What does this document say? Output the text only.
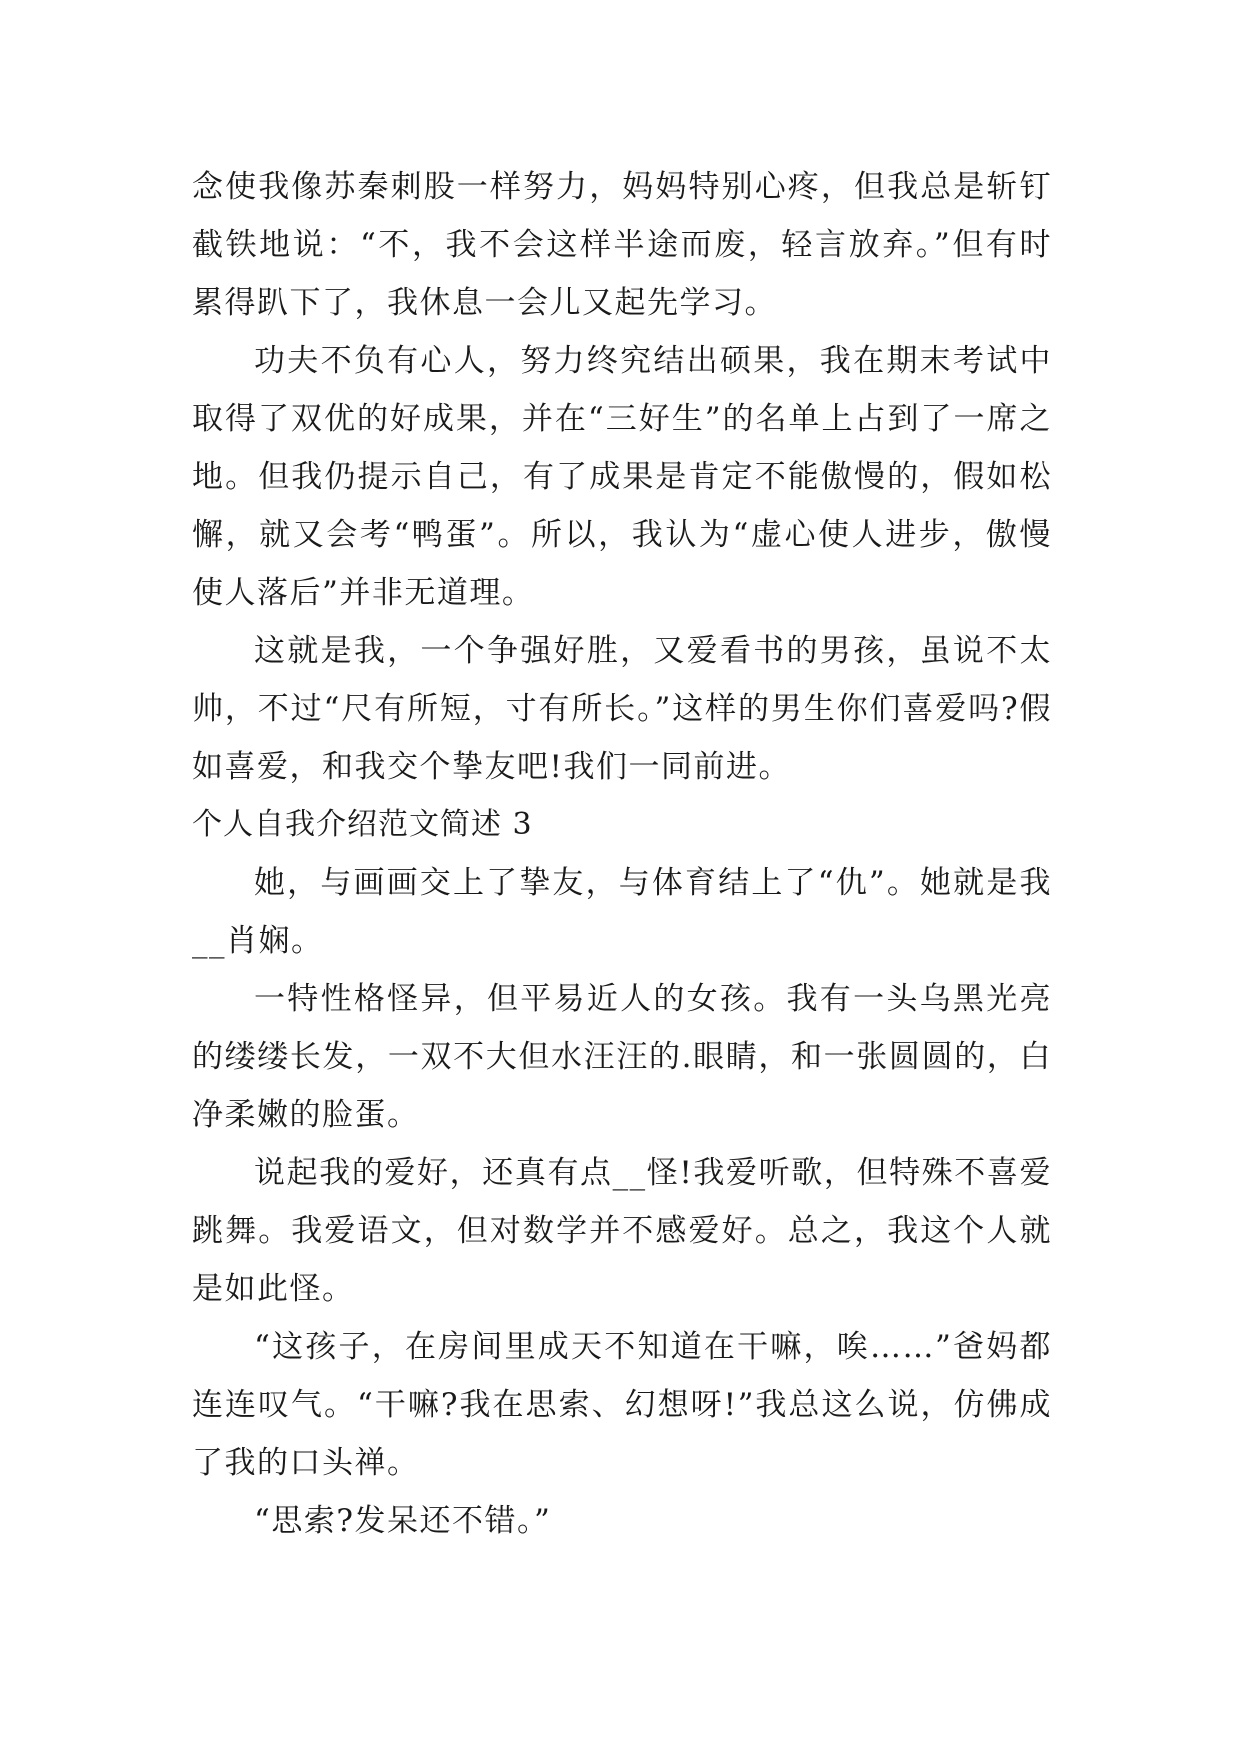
念使我像苏秦刺股一样努力，妈妈特别心疼，但我总是斩钉截铁地说：“不，我不会这样半途而废，轻言放弃。”但有时累得趴下了，我休息一会儿又起先学习。

功夫不负有心人，努力终究结出硕果，我在期末考试中取得了双优的好成果，并在“三好生”的名单上占到了一席之地。但我仍提示自己，有了成果是肯定不能傲慢的，假如松懈，就又会考“鸭蛋”。所以，我认为“虚心使人进步，傲慢使人落后”并非无道理。

这就是我，一个争强好胜，又爱看书的男孩，虽说不太帅，不过“尺有所短，寸有所长。”这样的男生你们喜爱吗?假如喜爱，和我交个挚友吧!我们一同前进。

个人自我介绍范文简述 3

她，与画画交上了挚友，与体育结上了“仇”。她就是我__肖娴。

一特性格怪异，但平易近人的女孩。我有一头乌黑光亮的缕缕长发，一双不大但水汪汪的.眼睛，和一张圆圆的，白净柔嫩的脸蛋。

说起我的爱好，还真有点__怪!我爱听歌，但特殊不喜爱跳舞。我爱语文，但对数学并不感爱好。总之，我这个人就是如此怪。

“这孩子，在房间里成天不知道在干嘛，唉……”爸妈都连连叹气。“干嘛?我在思索、幻想呀!”我总这么说，仿佛成了我的口头禅。

“思索?发呆还不错。”
